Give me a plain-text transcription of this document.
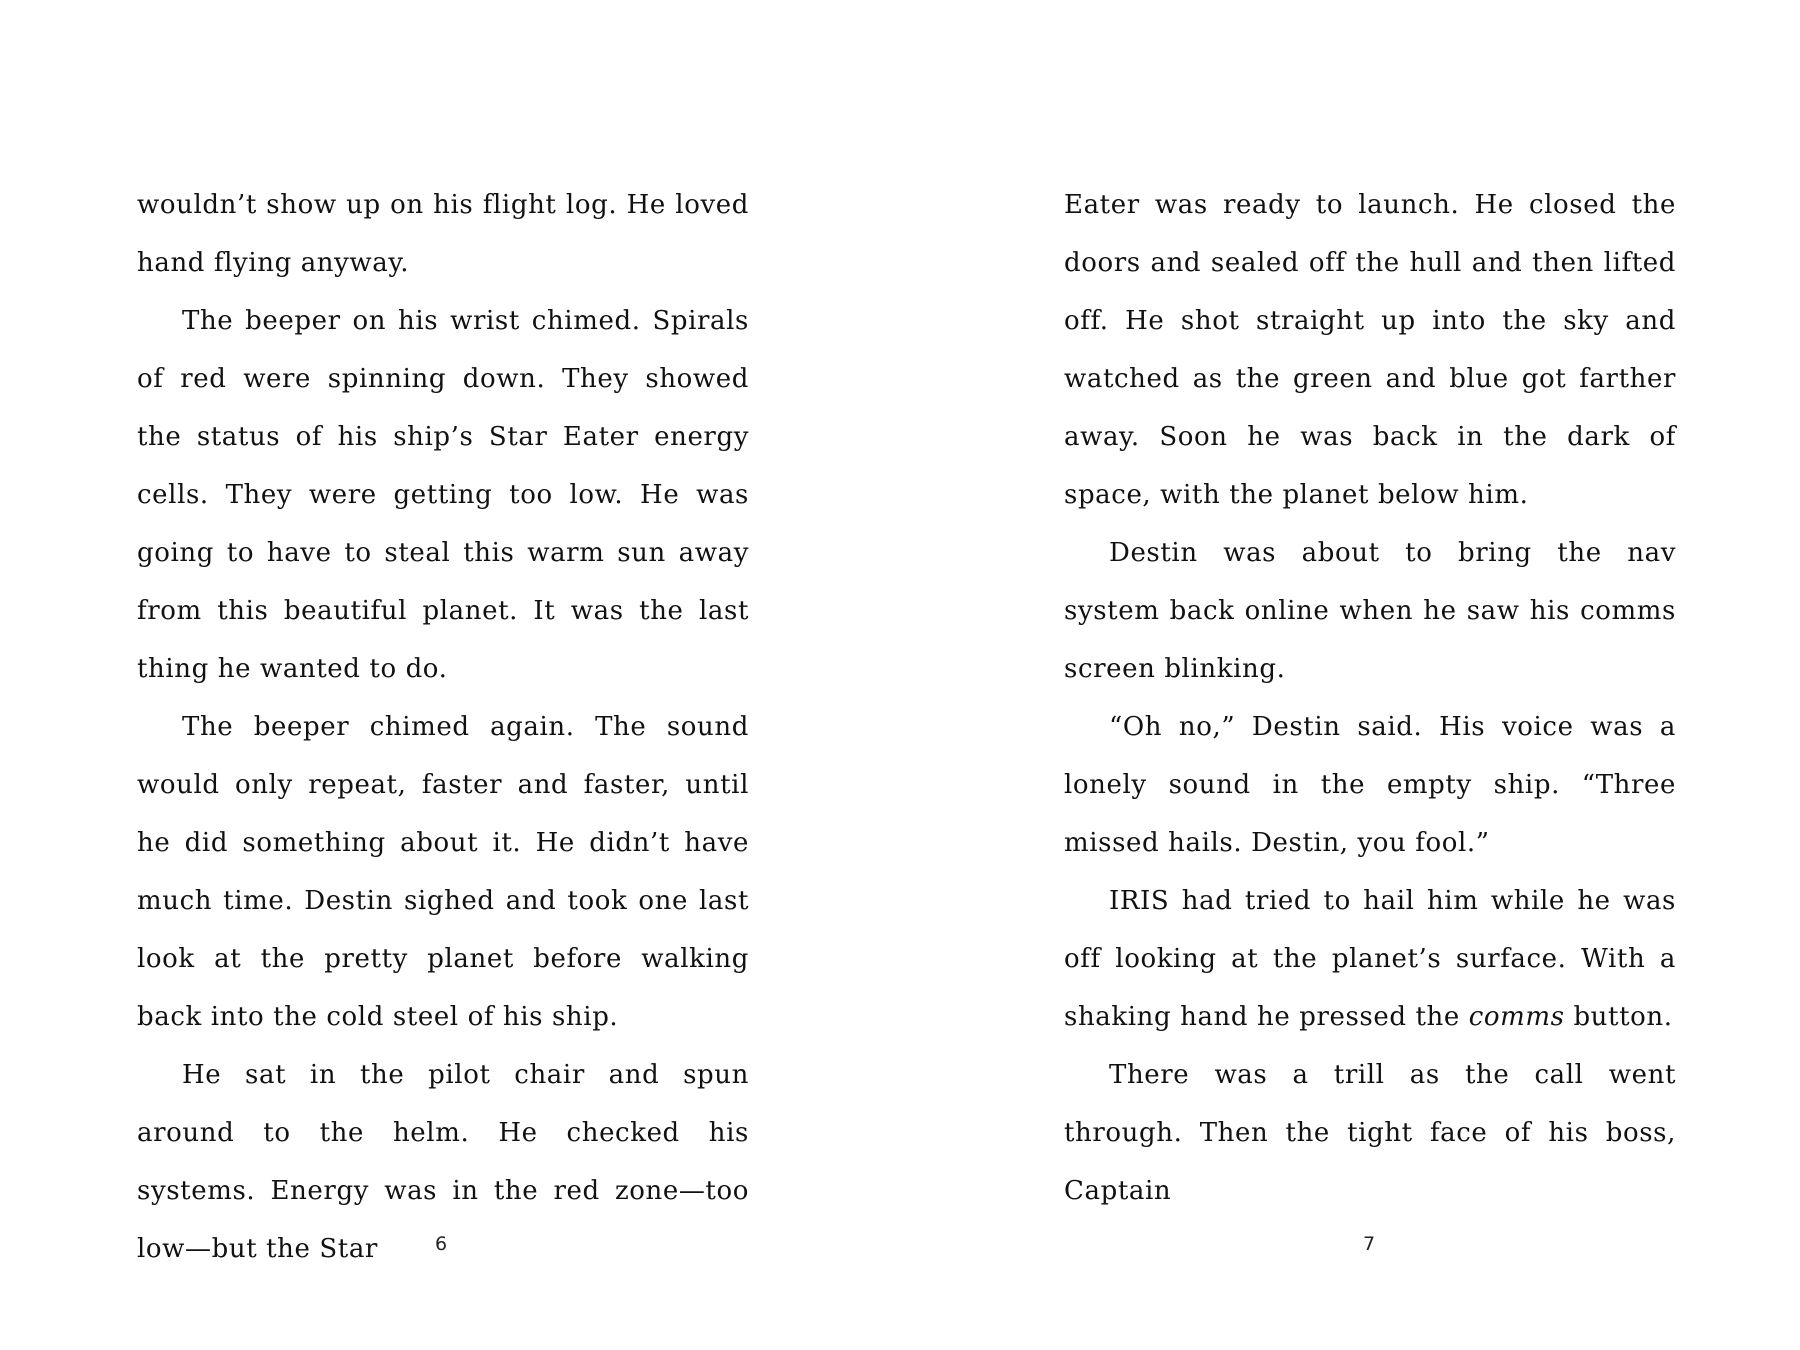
wouldn’t show up on his flight log. He loved hand flying anyway.

The beeper on his wrist chimed. Spirals of red were spinning down. They showed the status of his ship’s Star Eater energy cells. They were getting too low. He was going to have to steal this warm sun away from this beautiful planet. It was the last thing he wanted to do.

The beeper chimed again. The sound would only repeat, faster and faster, until he did something about it. He didn’t have much time. Destin sighed and took one last look at the pretty planet before walking back into the cold steel of his ship.

He sat in the pilot chair and spun around to the helm. He checked his systems. Energy was in the red zone—too low—but the Star

Eater was ready to launch. He closed the doors and sealed off the hull and then lifted off. He shot straight up into the sky and watched as the green and blue got farther away. Soon he was back in the dark of space, with the planet below him.

Destin was about to bring the nav system back online when he saw his comms screen blinking.

“Oh no,” Destin said. His voice was a lonely sound in the empty ship. “Three missed hails. Destin, you fool.”

IRIS had tried to hail him while he was off looking at the planet’s surface. With a shaking hand he pressed the comms button.

There was a trill as the call went through. Then the tight face of his boss, Captain

6	7
